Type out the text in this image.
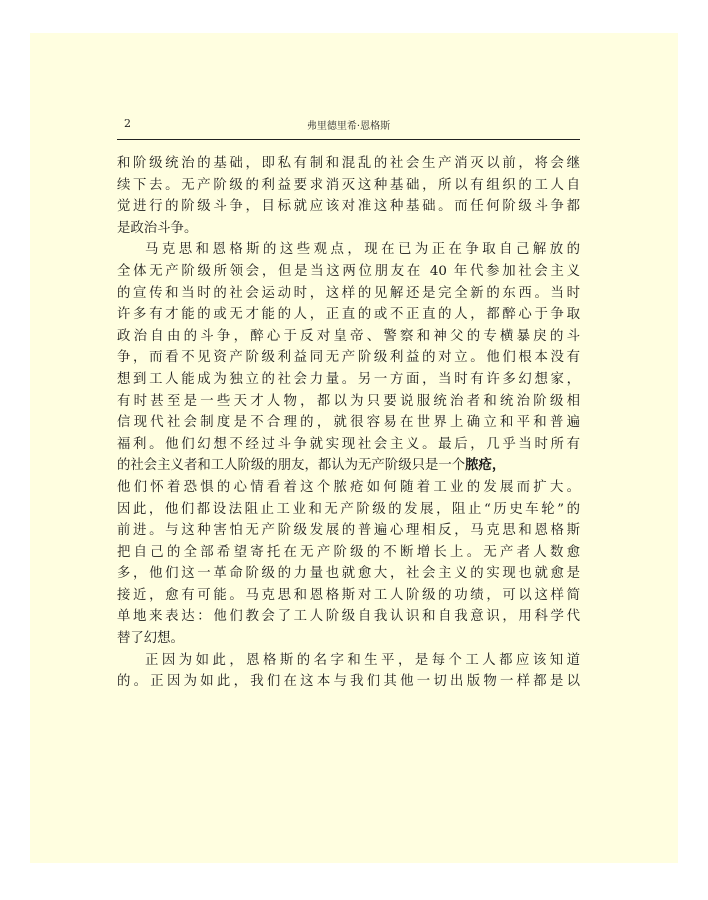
2	弗里德里希·恩格斯
和阶级统治的基础，即私有制和混乱的社会生产消灭以前，将会继
续下去。无产阶级的利益要求消灭这种基础，所以有组织的工人自
觉进行的阶级斗争，目标就应该对准这种基础。而任何阶级斗争都
是政治斗争。
马克思和恩格斯的这些观点，现在已为正在争取自己解放的
全体无产阶级所领会，但是当这两位朋友在 40 年代参加社会主义
的宣传和当时的社会运动时，这样的见解还是完全新的东西。当时
许多有才能的或无才能的人，正直的或不正直的人，都醉心于争取
政治自由的斗争，醉心于反对皇帝、警察和神父的专横暴戾的斗
争，而看不见资产阶级利益同无产阶级利益的对立。他们根本没有
想到工人能成为独立的社会力量。另一方面，当时有许多幻想家，
有时甚至是一些天才人物，都以为只要说服统治者和统治阶级相
信现代社会制度是不合理的，就很容易在世界上确立和平和普遍
福利。他们幻想不经过斗争就实现社会主义。最后，几乎当时所有
的社会主义者和工人阶级的朋友，都认为无产阶级只是一个脓疮，
他们怀着恐惧的心情看着这个脓疮如何随着工业的发展而扩大。
因此，他们都设法阻止工业和无产阶级的发展，阻止“历史车轮”的
前进。与这种害怕无产阶级发展的普遍心理相反，马克思和恩格斯
把自己的全部希望寄托在无产阶级的不断增长上。无产者人数愈
多，他们这一革命阶级的力量也就愈大，社会主义的实现也就愈是
接近，愈有可能。马克思和恩格斯对工人阶级的功绩，可以这样简
单地来表达：他们教会了工人阶级自我认识和自我意识，用科学代
替了幻想。
正因为如此，恩格斯的名字和生平，是每个工人都应该知道
的。正因为如此，我们在这本与我们其他一切出版物一样都是以
